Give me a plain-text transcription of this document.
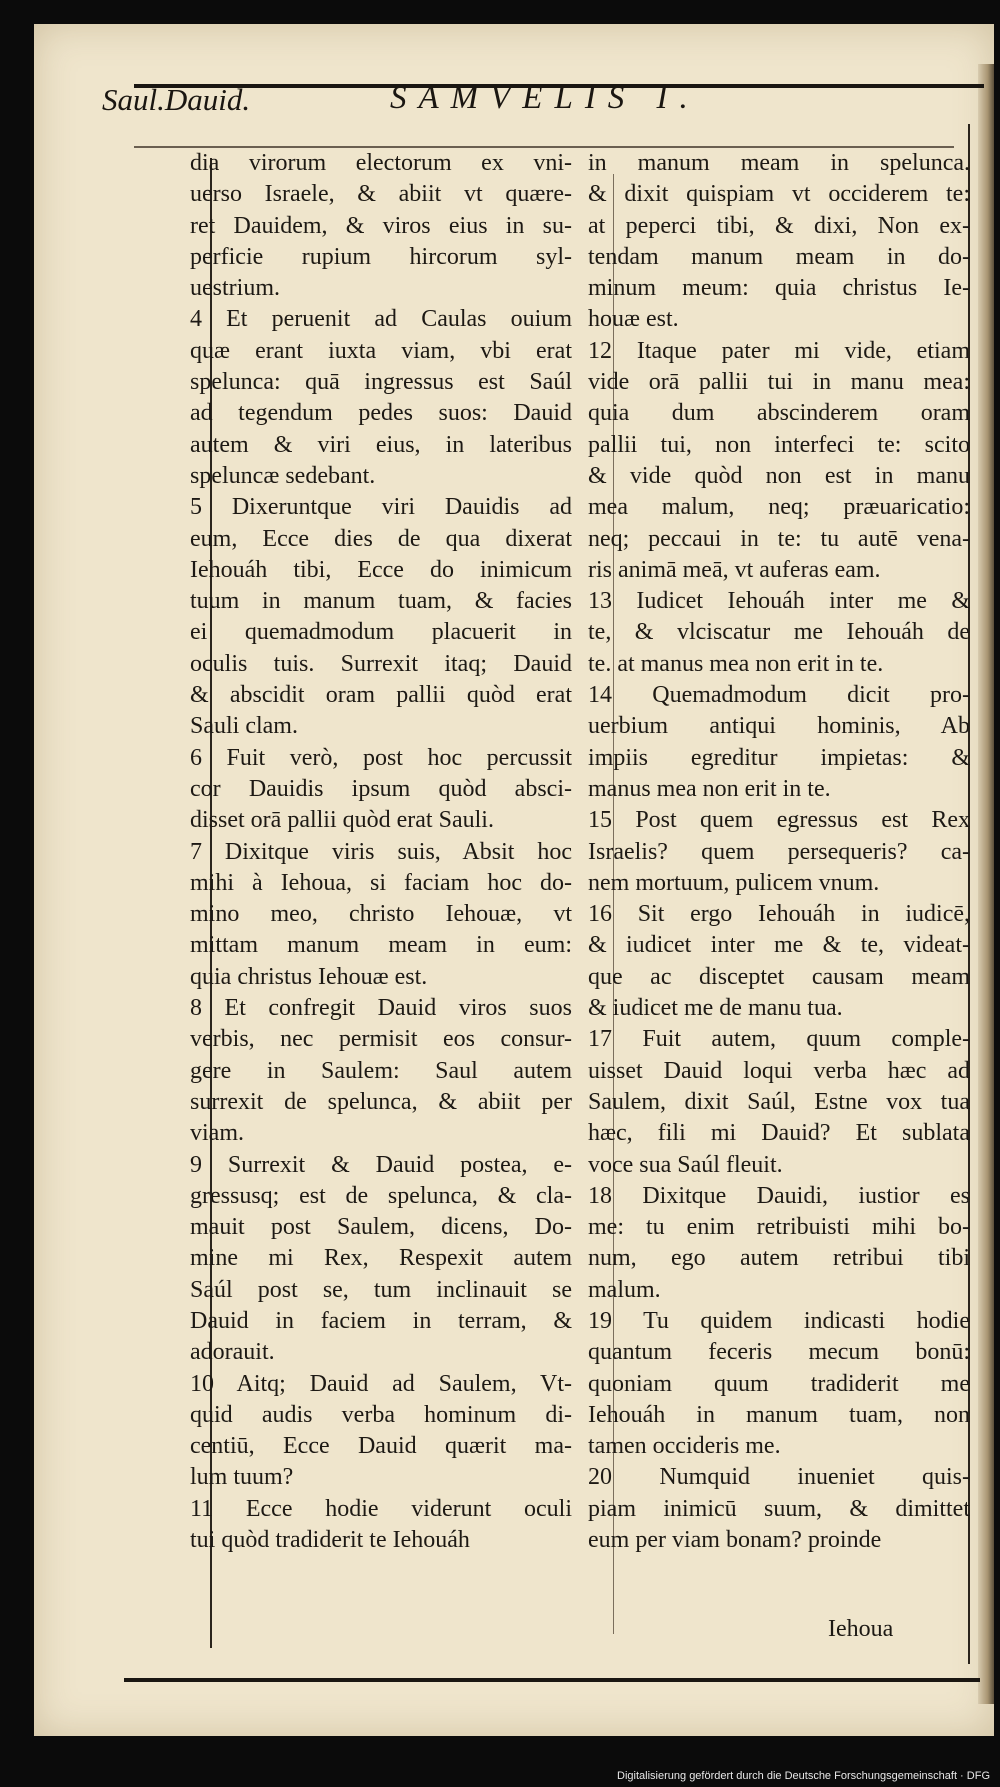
Saul.Dauid.	SAMVELIS I.
dia virorum electorum ex vni-
uerso Israele, & abiit vt quære-
ret Dauidem, & viros eius in su-
perficie rupium hircorum syl-
uestrium.
4 Et peruenit ad Caulas ouium
quæ erant iuxta viam, vbi erat
spelunca: quā ingressus est Saúl
ad tegendum pedes suos: Dauid
autem & viri eius, in lateribus
speluncæ sedebant.
5 Dixeruntque viri Dauidis ad
eum, Ecce dies de qua dixerat
Iehouáh tibi, Ecce do inimicum
tuum in manum tuam, & facies
ei quemadmodum placuerit in
oculis tuis. Surrexit itaq; Dauid
& abscidit oram pallii quòd erat
Sauli clam.
6 Fuit verò, post hoc percussit
cor Dauidis ipsum quòd absci-
disset orā pallii quòd erat Sauli.
7 Dixitque viris suis, Absit hoc
mihi à Iehoua, si faciam hoc do-
mino meo, christo Iehouæ, vt
mittam manum meam in eum:
quia christus Iehouæ est.
8 Et confregit Dauid viros suos
verbis, nec permisit eos consur-
gere in Saulem: Saul autem
surrexit de spelunca, & abiit per
viam.
9 Surrexit & Dauid postea, e-
gressusq; est de spelunca, & cla-
mauit post Saulem, dicens, Do-
mine mi Rex, Respexit autem
Saúl post se, tum inclinauit se
Dauid in faciem in terram, &
adorauit.
10 Aitq; Dauid ad Saulem, Vt-
quid audis verba hominum di-
centiū, Ecce Dauid quærit ma-
lum tuum?
11 Ecce hodie viderunt oculi
tui quòd tradiderit te Iehouáh
in manum meam in spelunca.
& dixit quispiam vt occiderem te:
at peperci tibi, & dixi, Non ex-
tendam manum meam in do-
minum meum: quia christus Ie-
houæ est.
12 Itaque pater mi vide, etiam
vide orā pallii tui in manu mea:
quia dum abscinderem oram
pallii tui, non interfeci te: scito
& vide quòd non est in manu
mea malum, neq; præuaricatio:
neq; peccaui in te: tu autē vena-
ris animā meā, vt auferas eam.
13 Iudicet Iehouáh inter me &
te, & vlciscatur me Iehouáh de
te. at manus mea non erit in te.
14 Quemadmodum dicit pro-
uerbium antiqui hominis, Ab
impiis egreditur impietas: &
manus mea non erit in te.
15 Post quem egressus est Rex
Israelis? quem persequeris? ca-
nem mortuum, pulicem vnum.
16 Sit ergo Iehouáh in iudicē,
& iudicet inter me & te, videat-
que ac disceptet causam meam
& iudicet me de manu tua.
17 Fuit autem, quum comple-
uisset Dauid loqui verba hæc ad
Saulem, dixit Saúl, Estne vox tua
hæc, fili mi Dauid? Et sublata
voce sua Saúl fleuit.
18 Dixitque Dauidi, iustior es
me: tu enim retribuisti mihi bo-
num, ego autem retribui tibi
malum.
19 Tu quidem indicasti hodie
quantum feceris mecum bonū:
quoniam quum tradiderit me
Iehouáh in manum tuam, non
tamen occideris me.
20 Numquid inueniet quis-
piam inimicū suum, & dimittet
eum per viam bonam? proinde
Iehoua
Digitalisierung gefördert durch die Deutsche Forschungsgemeinschaft · DFG
